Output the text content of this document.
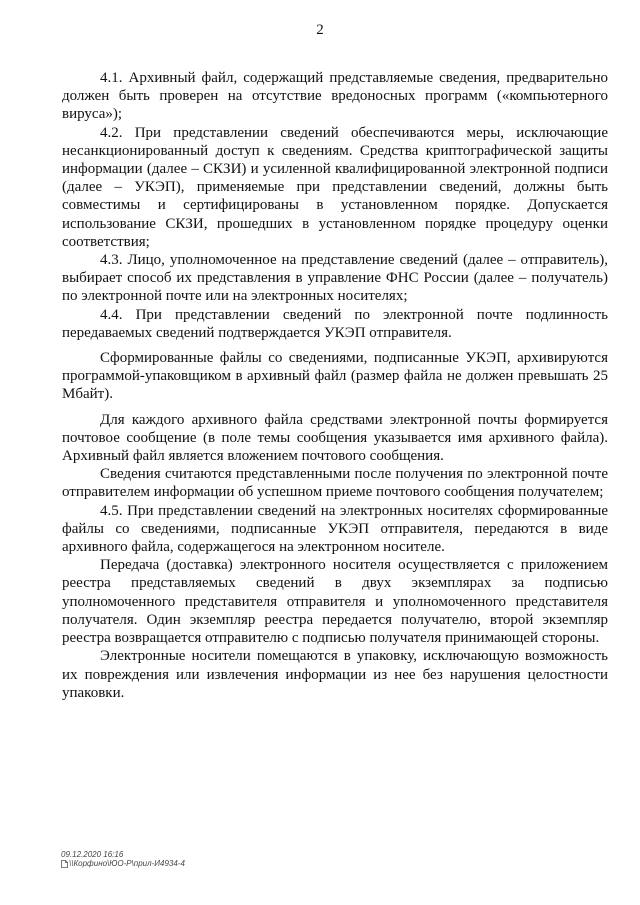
2

4.1. Архивный файл, содержащий представляемые сведения, предварительно должен быть проверен на отсутствие вредоносных программ («компьютерного вируса»);

4.2. При представлении сведений обеспечиваются меры, исключающие несанкционированный доступ к сведениям. Средства криптографической защиты информации (далее – СКЗИ) и усиленной квалифицированной электронной подписи (далее – УКЭП), применяемые при представлении сведений, должны быть совместимы и сертифицированы в установленном порядке. Допускается использование СКЗИ, прошедших в установленном порядке процедуру оценки соответствия;

4.3. Лицо, уполномоченное на представление сведений (далее – отправитель), выбирает способ их представления в управление ФНС России (далее – получатель) по электронной почте или на электронных носителях;

4.4. При представлении сведений по электронной почте подлинность передаваемых сведений подтверждается УКЭП отправителя.

Сформированные файлы со сведениями, подписанные УКЭП, архивируются программой-упаковщиком в архивный файл (размер файла не должен превышать 25 Мбайт).

Для каждого архивного файла средствами электронной почты формируется почтовое сообщение (в поле темы сообщения указывается имя архивного файла). Архивный файл является вложением почтового сообщения.

Сведения считаются представленными после получения по электронной почте отправителем информации об успешном приеме почтового сообщения получателем;

4.5. При представлении сведений на электронных носителях сформированные файлы со сведениями, подписанные УКЭП отправителя, передаются в виде архивного файла, содержащегося на электронном носителе.

Передача (доставка) электронного носителя осуществляется с приложением реестра представляемых сведений в двух экземплярах за подписью уполномоченного представителя отправителя и уполномоченного представителя получателя. Один экземпляр реестра передается получателю, второй экземпляр реестра возвращается отправителю с подписью получателя принимающей стороны.

Электронные носители помещаются в упаковку, исключающую возможность их повреждения или извлечения информации из нее без нарушения целостности упаковки.

09.12.2020 16:16
\\Корфино\ЮО-Р\прил-И4934-4
